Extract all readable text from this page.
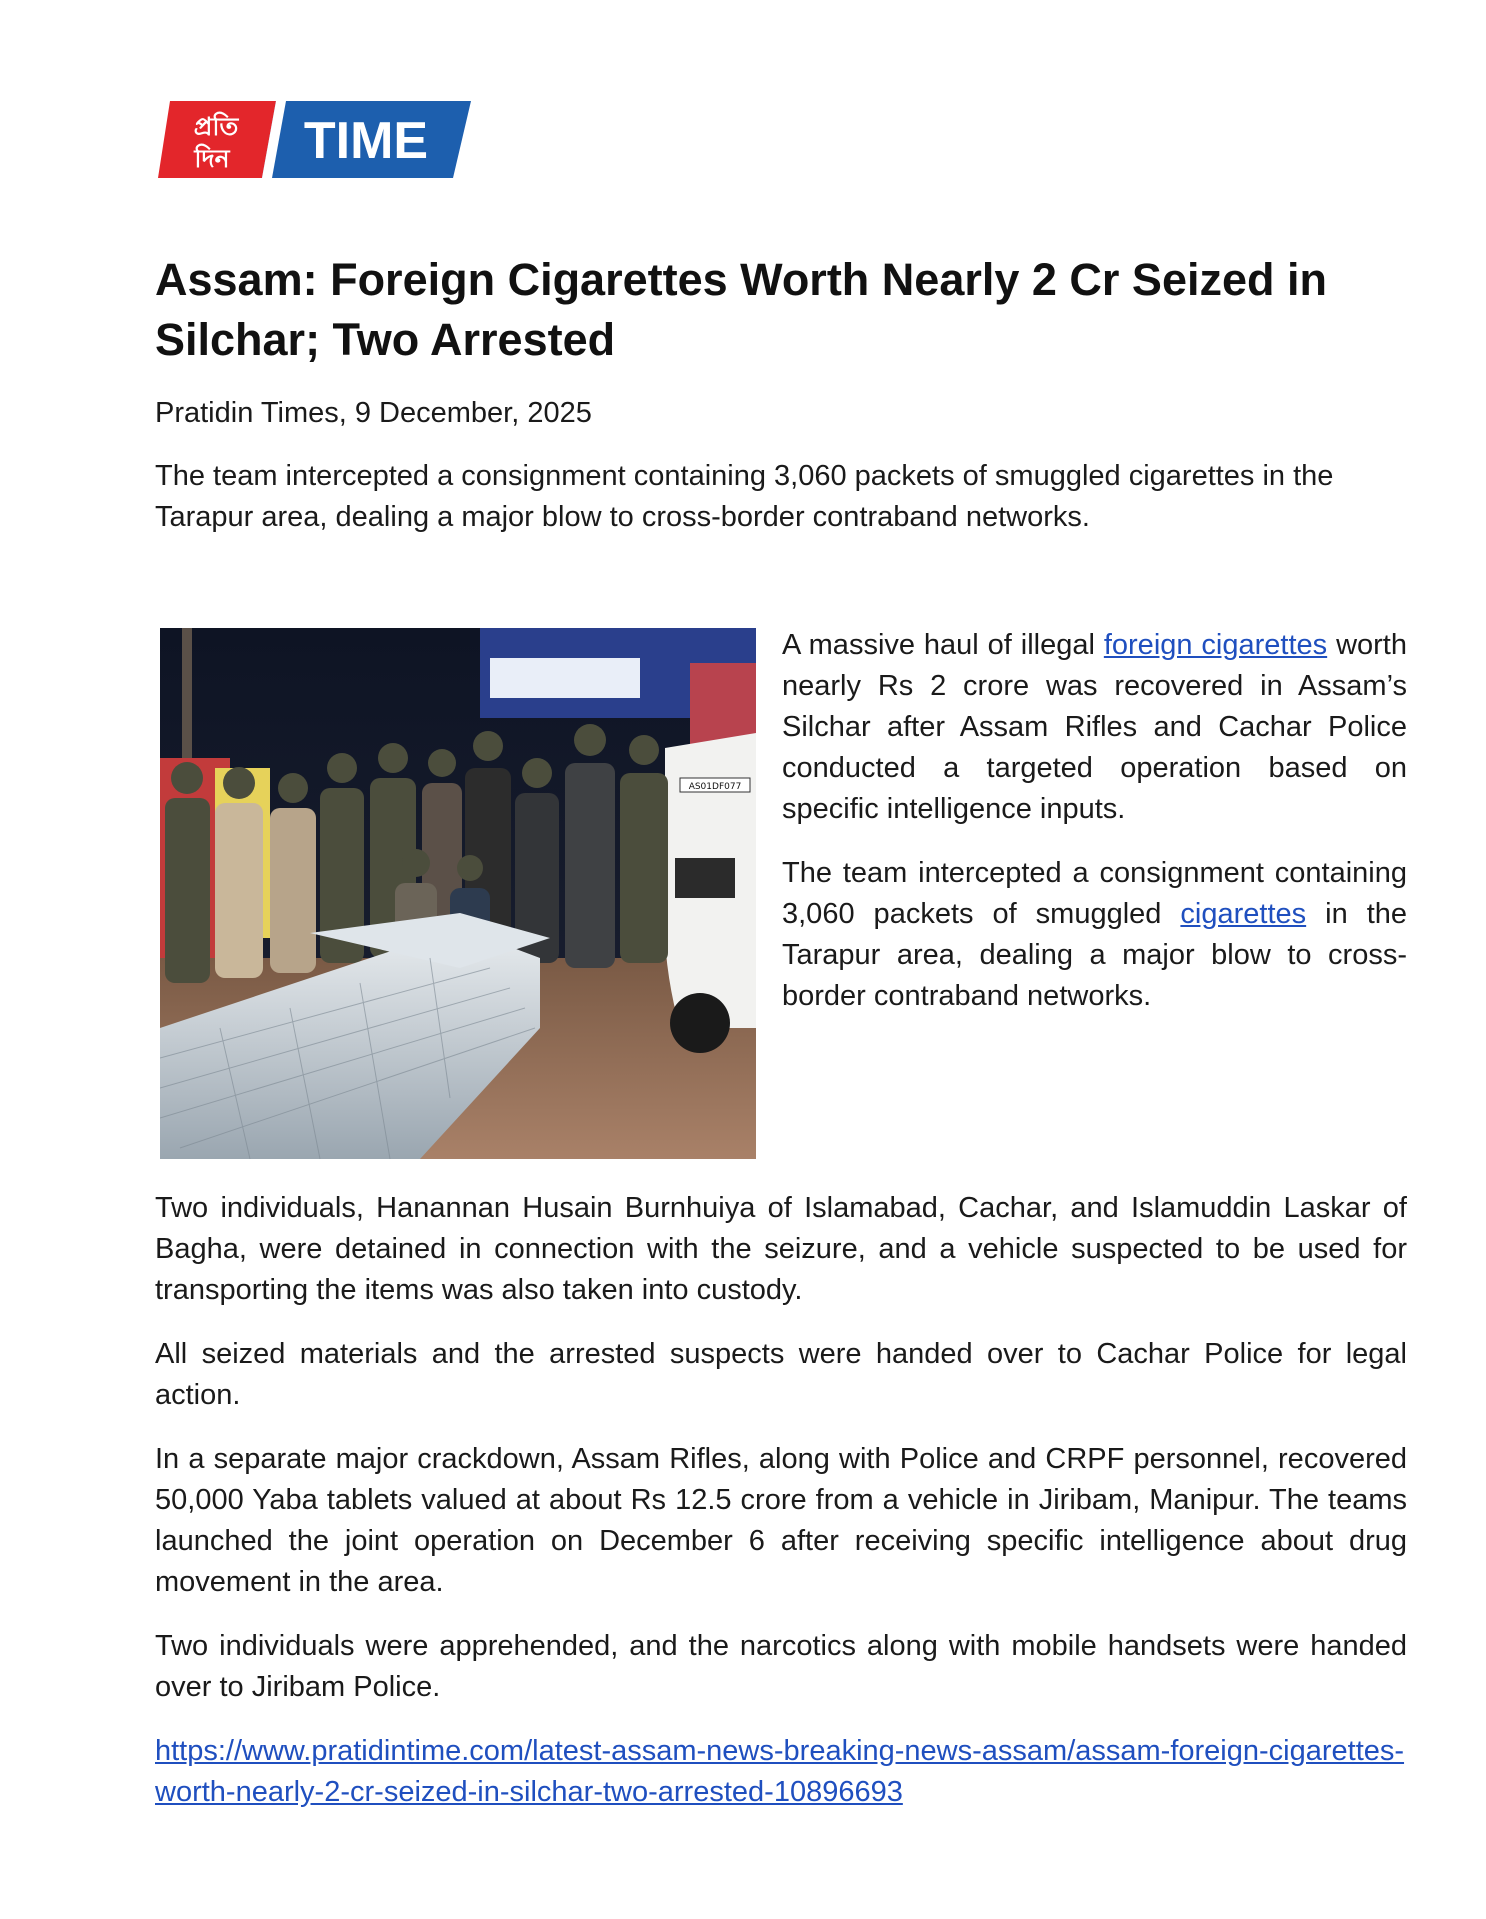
প্রতি
দিন TIME
Assam: Foreign Cigarettes Worth Nearly 2 Cr Seized in Silchar; Two Arrested

Pratidin Times, 9 December, 2025

The team intercepted a consignment containing 3,060 packets of smuggled cigarettes in the Tarapur area, dealing a major blow to cross-border contraband networks.

AS01DF077

A massive haul of illegal foreign cigarettes worth nearly Rs 2 crore was recovered in Assam’s Silchar after Assam Rifles and Cachar Police conducted a targeted operation based on specific intelligence inputs.

The team intercepted a consignment containing 3,060 packets of smuggled cigarettes in the Tarapur area, dealing a major blow to cross-border contraband networks.

Two individuals, Hanannan Husain Burnhuiya of Islamabad, Cachar, and Islamuddin Laskar of Bagha, were detained in connection with the seizure, and a vehicle suspected to be used for transporting the items was also taken into custody.

All seized materials and the arrested suspects were handed over to Cachar Police for legal action.

In a separate major crackdown, Assam Rifles, along with Police and CRPF personnel, recovered 50,000 Yaba tablets valued at about Rs 12.5 crore from a vehicle in Jiribam, Manipur. The teams launched the joint operation on December 6 after receiving specific intelligence about drug movement in the area.

Two individuals were apprehended, and the narcotics along with mobile handsets were handed over to Jiribam Police.

https://www.pratidintime.com/latest-assam-news-breaking-news-assam/assam-foreign-cigarettes-worth-nearly-2-cr-seized-in-silchar-two-arrested-10896693
